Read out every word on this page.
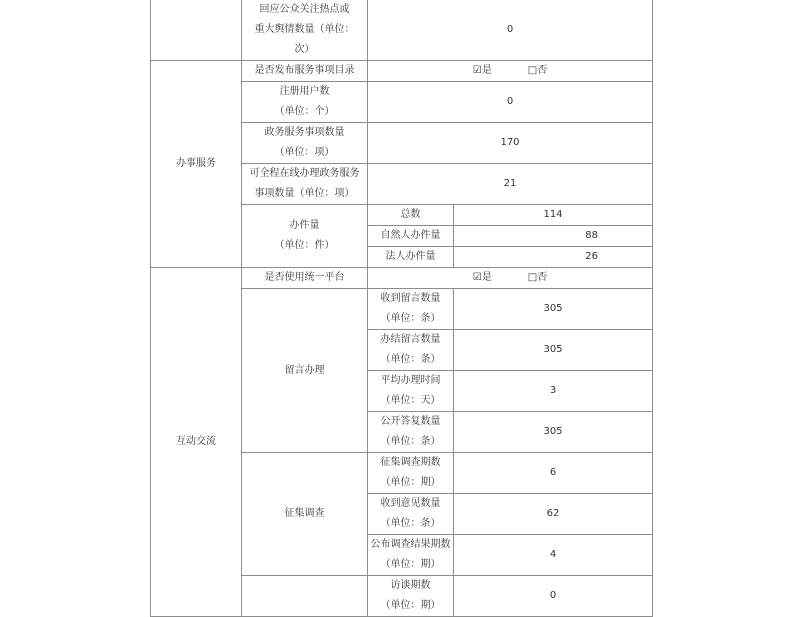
	回应公众关注热点或
重大舆情数量（单位：
次）	0	
办事服务	是否发布服务事项目录	☑是 □否	
	注册用户数
（单位：个）	0	
	政务服务事项数量
（单位：项）	170	
	可全程在线办理政务服务
事项数量（单位：项）	21	
	办件量
（单位：件）	总数	114
		自然人办件量	88
		法人办件量	26
互动交流	是否使用统一平台	☑是 □否	
	留言办理	收到留言数量
（单位：条）	305
		办结留言数量
（单位：条）	305
		平均办理时间
（单位：天）	3
		公开答复数量
（单位：条）	305
	征集调查	征集调查期数
（单位：期）	6
		收到意见数量
（单位：条）	62
		公布调查结果期数
（单位：期）	4
		访谈期数
（单位：期）	0
